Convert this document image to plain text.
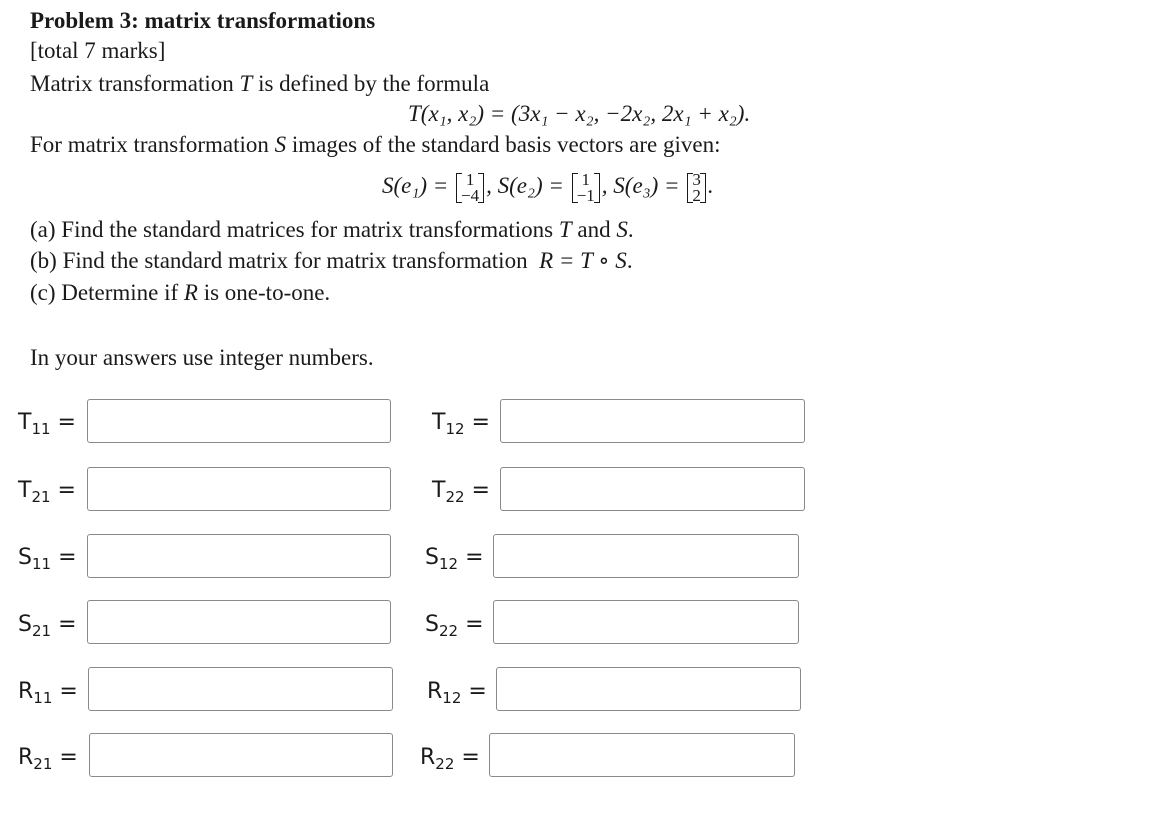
Problem 3: matrix transformations
[total 7 marks]
Matrix transformation T is defined by the formula
T(x₁, x₂) = (3x₁ − x₂, −2x₂, 2x₁ + x₂).
For matrix transformation S images of the standard basis vectors are given:
S(e₁) = 1
−4 , S(e₂) = 1
−1 , S(e₃) = 3
2 .
(a) Find the standard matrices for matrix transformations T and S.
(b) Find the standard matrix for matrix transformation R = T ∘ S.
(c) Determine if R is one-to-one.
In your answers use integer numbers.
$T_{11}$ =	$T_{12}$ =
$T_{21}$ =	$T_{22}$ =
$S_{11}$ =	$S_{12}$ =
$S_{21}$ =	$S_{22}$ =
$R_{11}$ =	$R_{12}$ =
$R_{21}$ =	$R_{22}$ =
